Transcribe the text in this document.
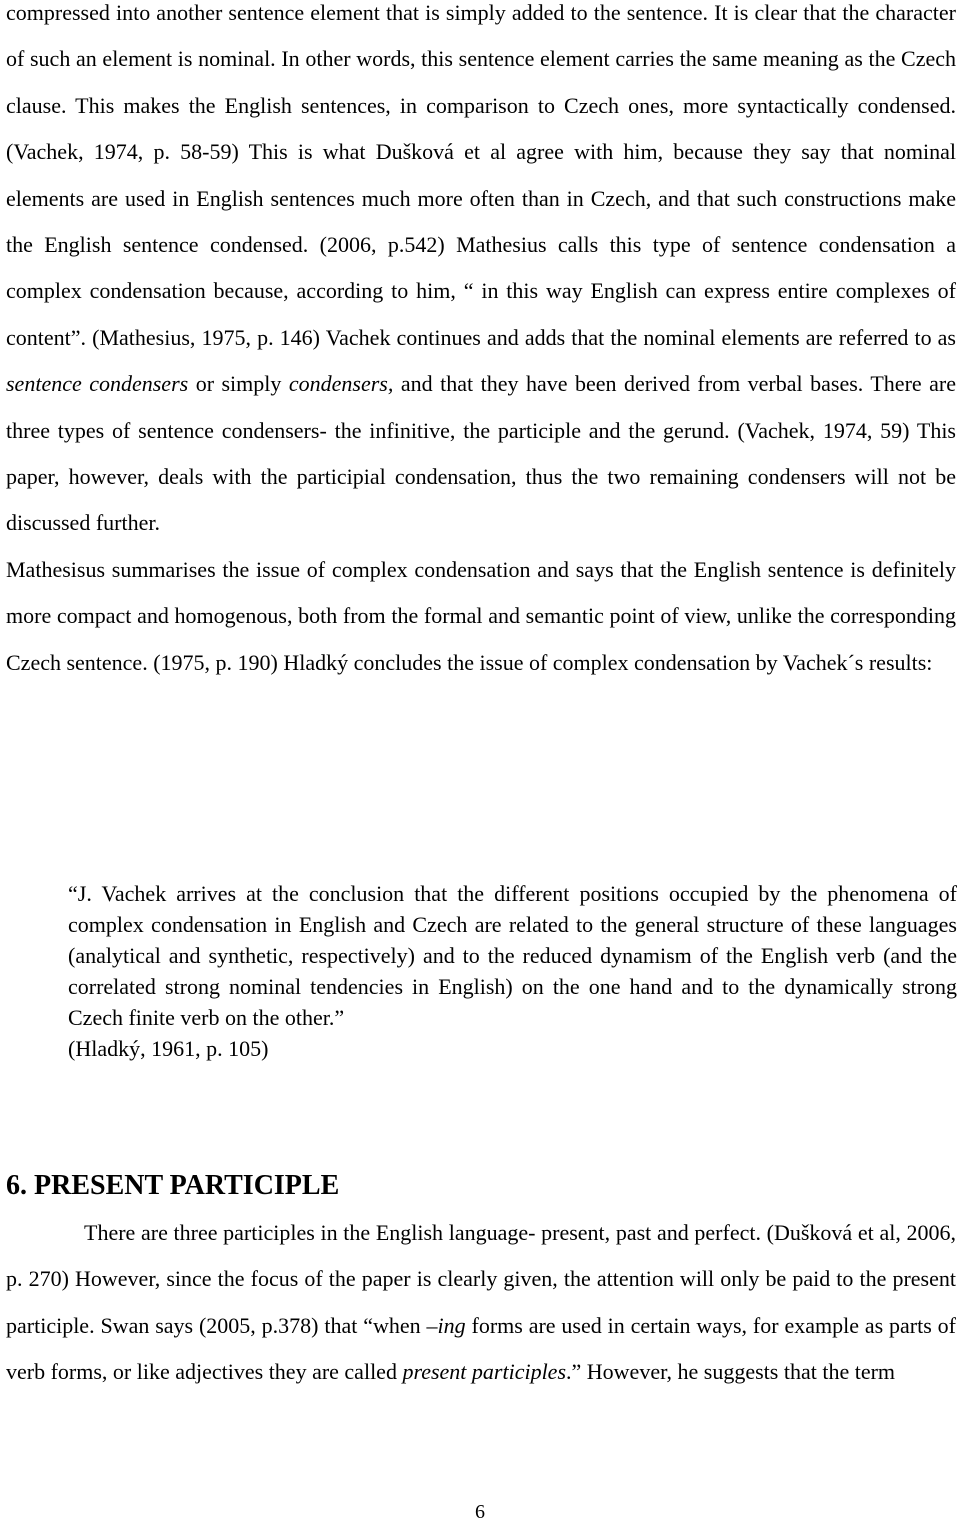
compressed into another sentence element that is simply added to the sentence. It is clear that the character of such an element is nominal. In other words, this sentence element carries the same meaning as the Czech clause. This makes the English sentences, in comparison to Czech ones, more syntactically condensed. (Vachek, 1974, p. 58-59) This is what Dušková et al agree with him, because they say that nominal elements are used in English sentences much more often than in Czech, and that such constructions make the English sentence condensed. (2006, p.542) Mathesius calls this type of sentence condensation a complex condensation because, according to him, “ in this way English can express entire complexes of content”. (Mathesius, 1975, p. 146) Vachek continues and adds that the nominal elements are referred to as sentence condensers or simply condensers, and that they have been derived from verbal bases. There are three types of sentence condensers- the infinitive, the participle and the gerund. (Vachek, 1974, 59) This paper, however, deals with the participial condensation, thus the two remaining condensers will not be discussed further.

Mathesisus summarises the issue of complex condensation and says that the English sentence is definitely more compact and homogenous, both from the formal and semantic point of view, unlike the corresponding Czech sentence. (1975, p. 190) Hladký concludes the issue of complex condensation by Vachek´s results:

“J. Vachek arrives at the conclusion that the different positions occupied by the phenomena of complex condensation in English and Czech are related to the general structure of these languages (analytical and synthetic, respectively) and to the reduced dynamism of the English verb (and the correlated strong nominal tendencies in English) on the one hand and to the dynamically strong Czech finite verb on the other.”

(Hladký, 1961, p. 105)

6. PRESENT PARTICIPLE

There are three participles in the English language- present, past and perfect. (Dušková et al, 2006, p. 270) However, since the focus of the paper is clearly given, the attention will only be paid to the present participle. Swan says (2005, p.378) that “when –ing forms are used in certain ways, for example as parts of verb forms, or like adjectives they are called present participles.” However, he suggests that the term

6
